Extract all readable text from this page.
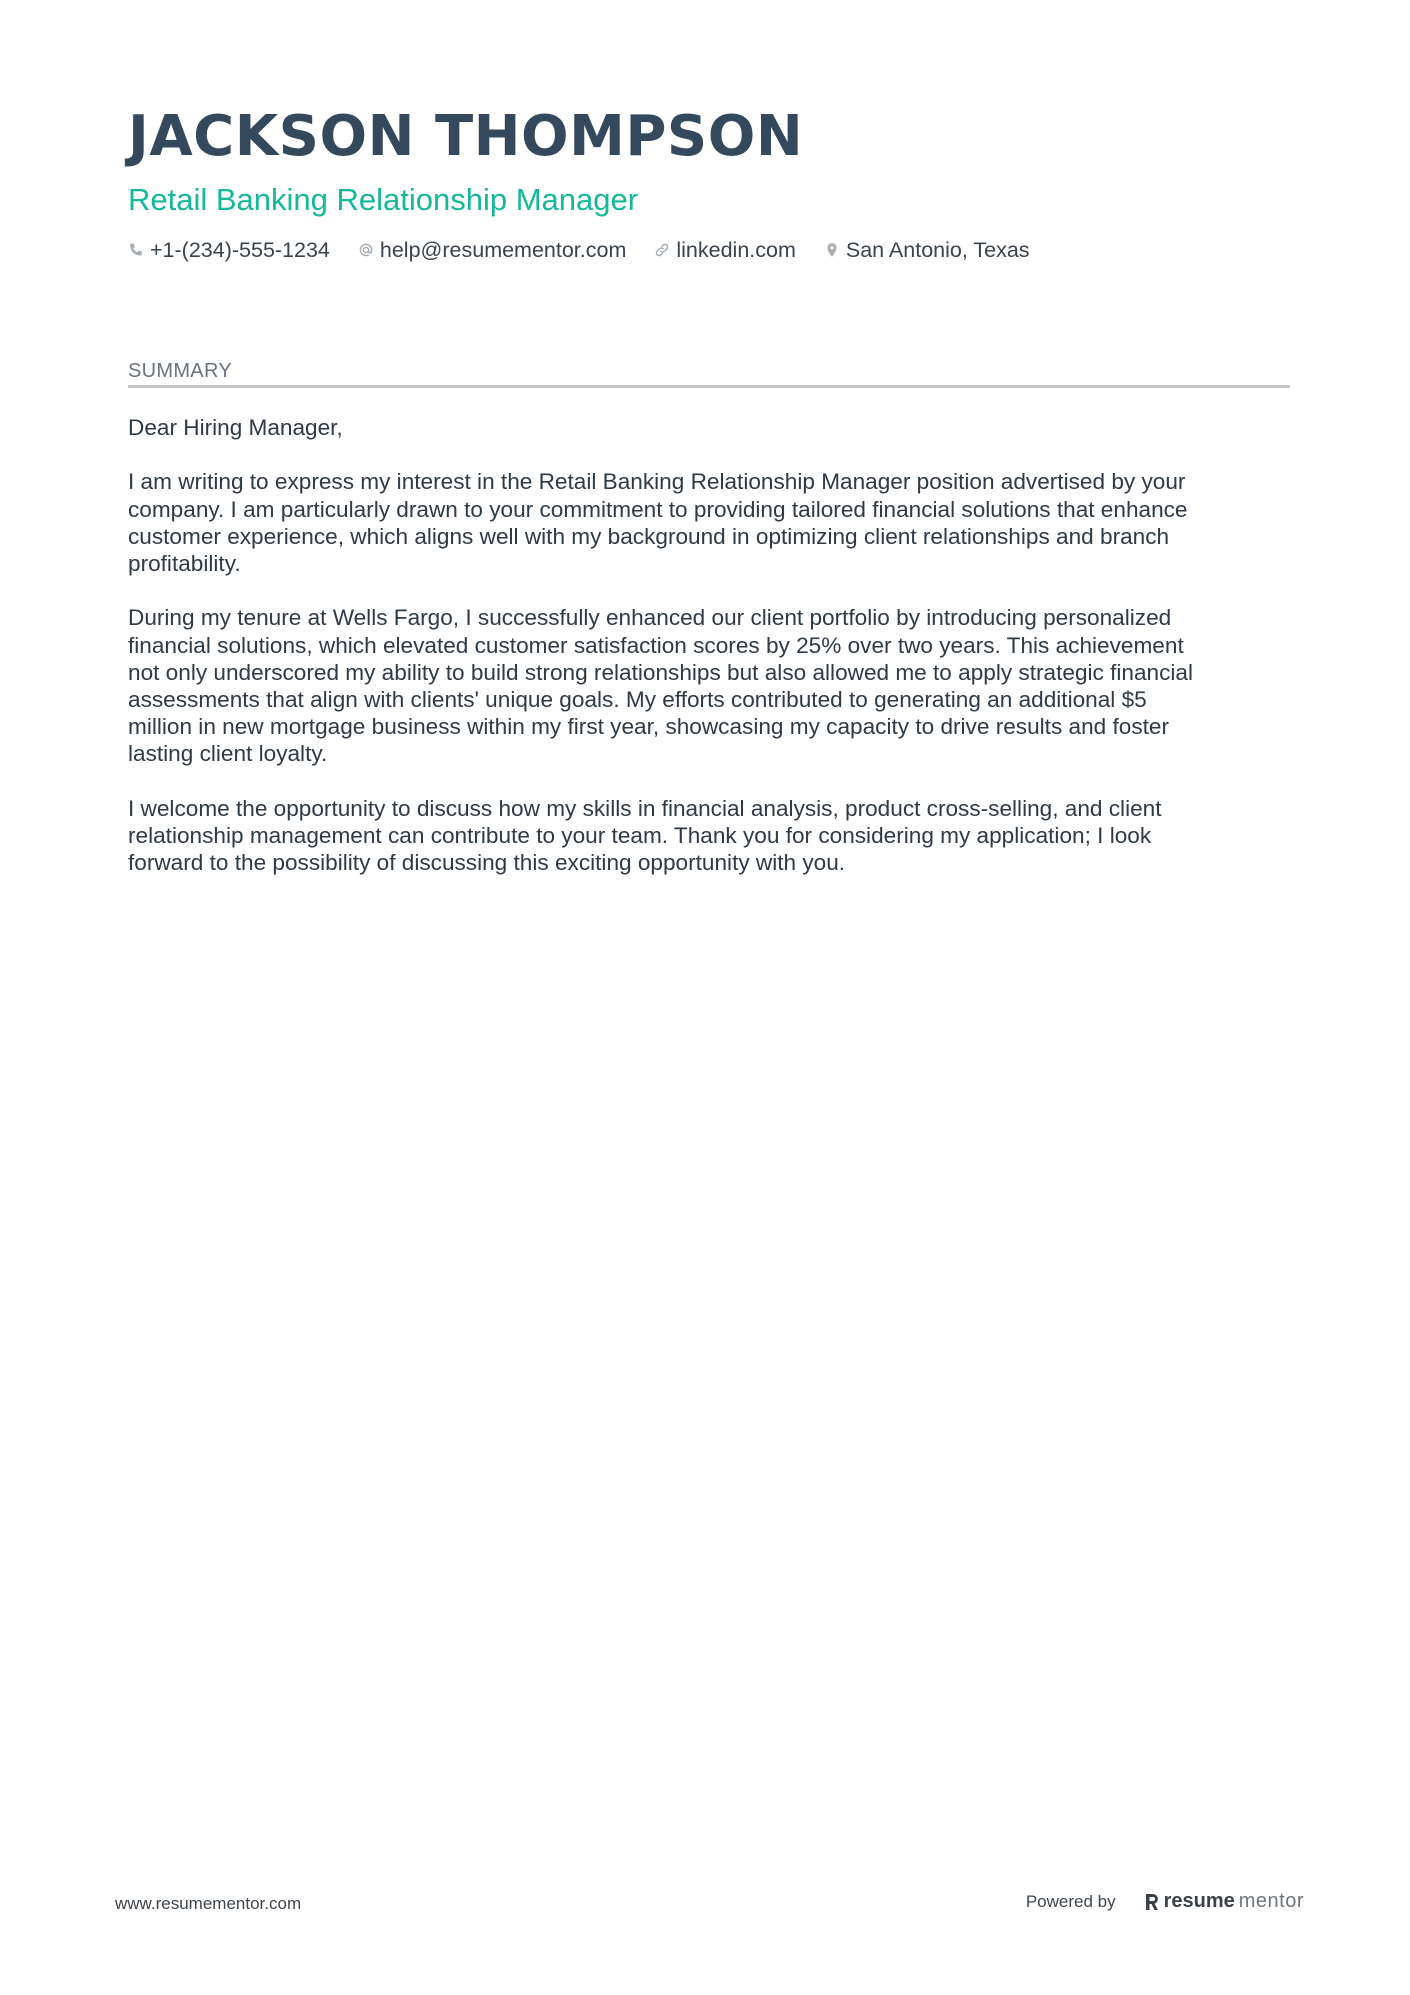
JACKSON THOMPSON
Retail Banking Relationship Manager
+1-(234)-555-1234 help@resumementor.com linkedin.com San Antonio, Texas
SUMMARY

Dear Hiring Manager,

I am writing to express my interest in the Retail Banking Relationship Manager position advertised by your
company. I am particularly drawn to your commitment to providing tailored financial solutions that enhance
customer experience, which aligns well with my background in optimizing client relationships and branch
profitability.

During my tenure at Wells Fargo, I successfully enhanced our client portfolio by introducing personalized
financial solutions, which elevated customer satisfaction scores by 25% over two years. This achievement
not only underscored my ability to build strong relationships but also allowed me to apply strategic financial
assessments that align with clients' unique goals. My efforts contributed to generating an additional $5
million in new mortgage business within my first year, showcasing my capacity to drive results and foster
lasting client loyalty.

I welcome the opportunity to discuss how my skills in financial analysis, product cross-selling, and client
relationship management can contribute to your team. Thank you for considering my application; I look
forward to the possibility of discussing this exciting opportunity with you.

www.resumementor.com	Powered by resume mentor
